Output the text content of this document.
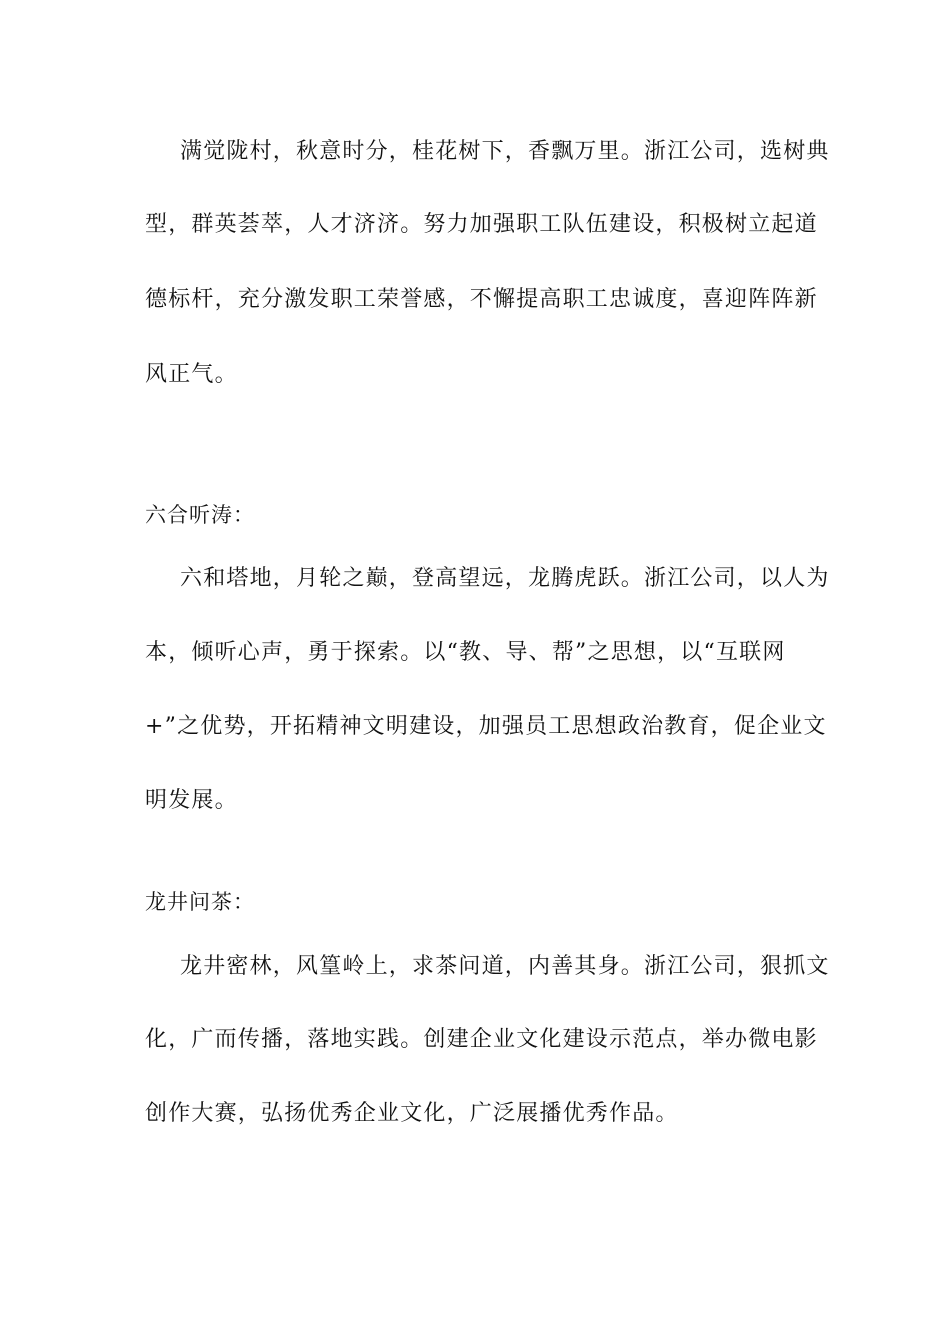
满觉陇村，秋意时分，桂花树下，香飘万里。浙江公司，选树典
型，群英荟萃，人才济济。努力加强职工队伍建设，积极树立起道
德标杆，充分激发职工荣誉感，不懈提高职工忠诚度，喜迎阵阵新
风正气。
六合听涛：
六和塔地，月轮之巅，登高望远，龙腾虎跃。浙江公司，以人为
本，倾听心声，勇于探索。以“教、导、帮”之思想，以“互联网
+”之优势，开拓精神文明建设，加强员工思想政治教育，促企业文
明发展。
龙井问茶：
龙井密林，风篁岭上，求茶问道，内善其身。浙江公司，狠抓文
化，广而传播，落地实践。创建企业文化建设示范点，举办微电影
创作大赛，弘扬优秀企业文化，广泛展播优秀作品。
